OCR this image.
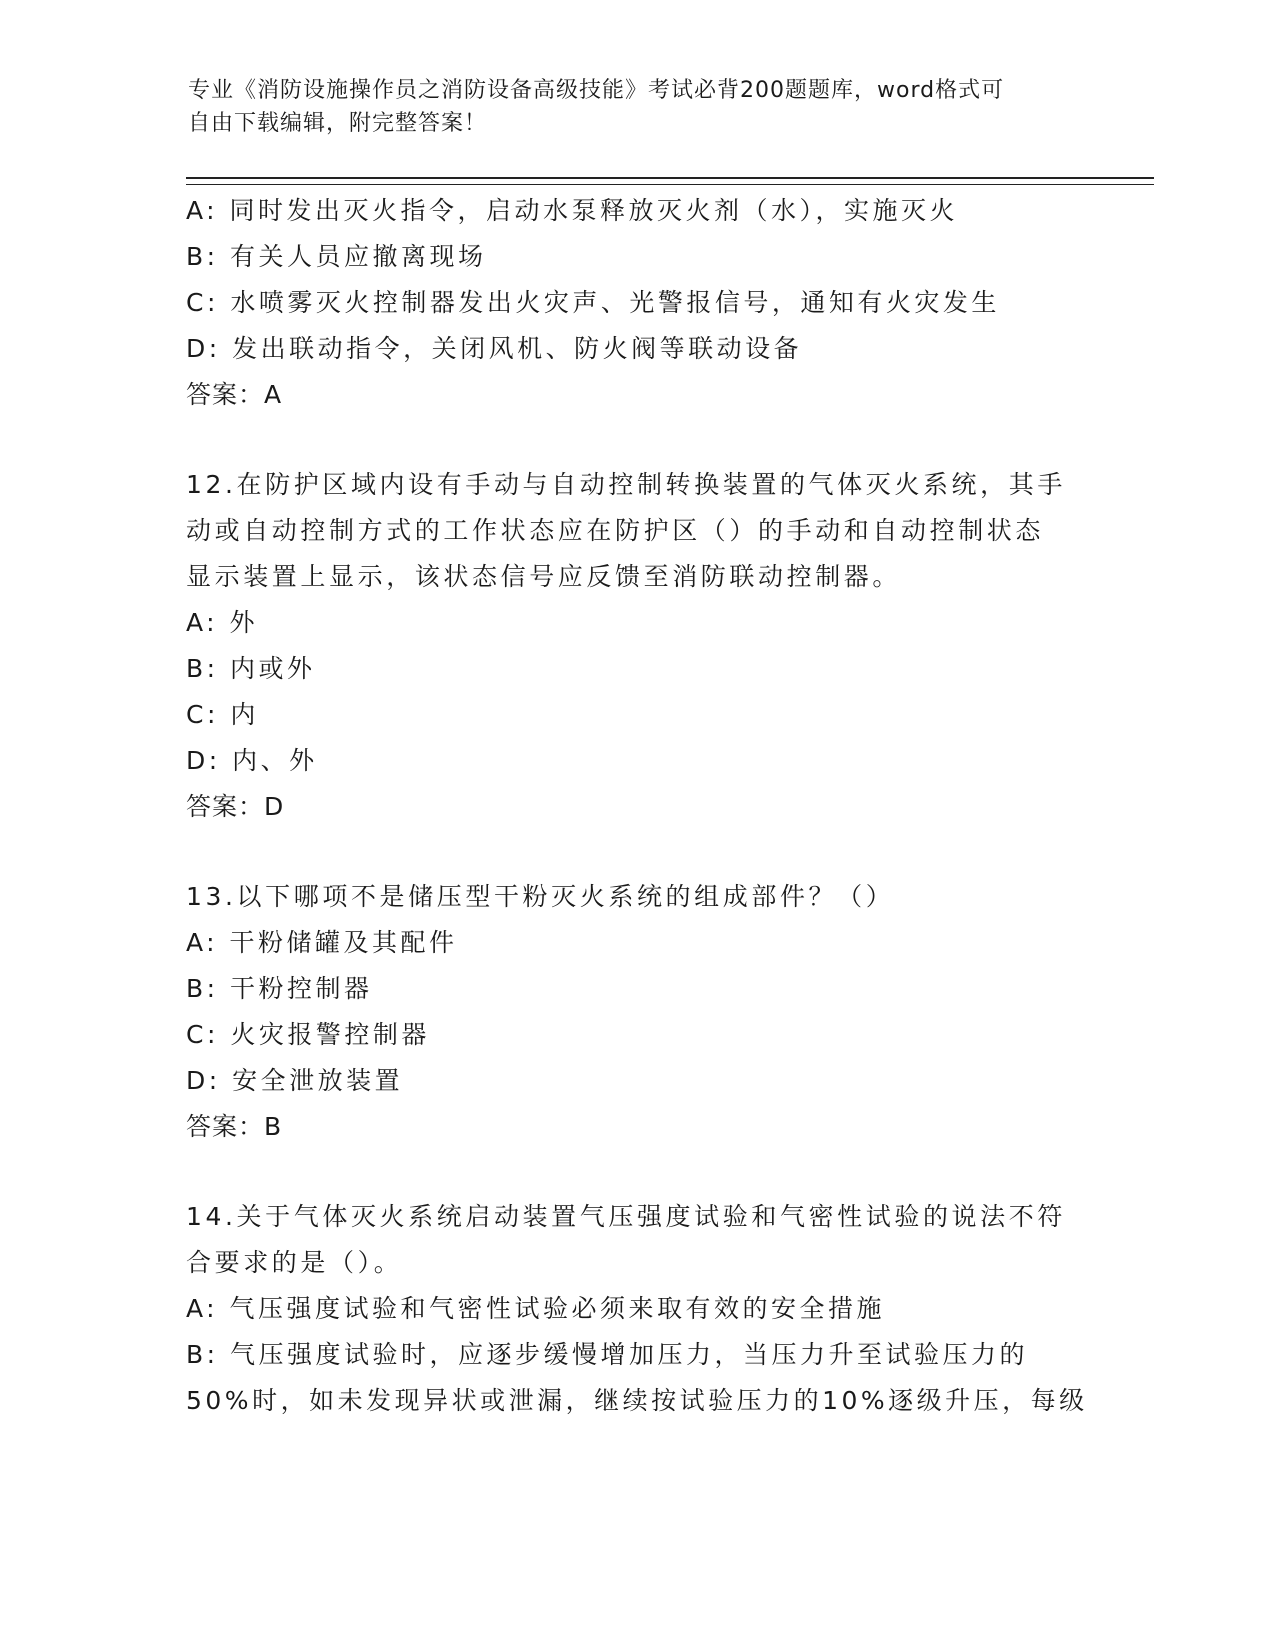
专业《消防设施操作员之消防设备高级技能》考试必背200题题库，word格式可
自由下载编辑，附完整答案！
A: 同时发出灭火指令，启动水泵释放灭火剂（水），实施灭火
B: 有关人员应撤离现场
C: 水喷雾灭火控制器发出火灾声、光警报信号，通知有火灾发生
D: 发出联动指令，关闭风机、防火阀等联动设备
答案：A
12.在防护区域内设有手动与自动控制转换装置的气体灭火系统，其手
动或自动控制方式的工作状态应在防护区（）的手动和自动控制状态
显示装置上显示，该状态信号应反馈至消防联动控制器。
A: 外
B: 内或外
C: 内
D: 内、外
答案：D
13.以下哪项不是储压型干粉灭火系统的组成部件？（）
A: 干粉储罐及其配件
B: 干粉控制器
C: 火灾报警控制器
D: 安全泄放装置
答案：B
14.关于气体灭火系统启动装置气压强度试验和气密性试验的说法不符
合要求的是（）。
A: 气压强度试验和气密性试验必须来取有效的安全措施
B: 气压强度试验时，应逐步缓慢增加压力，当压力升至试验压力的
50%时，如未发现异状或泄漏，继续按试验压力的10%逐级升压，每级
